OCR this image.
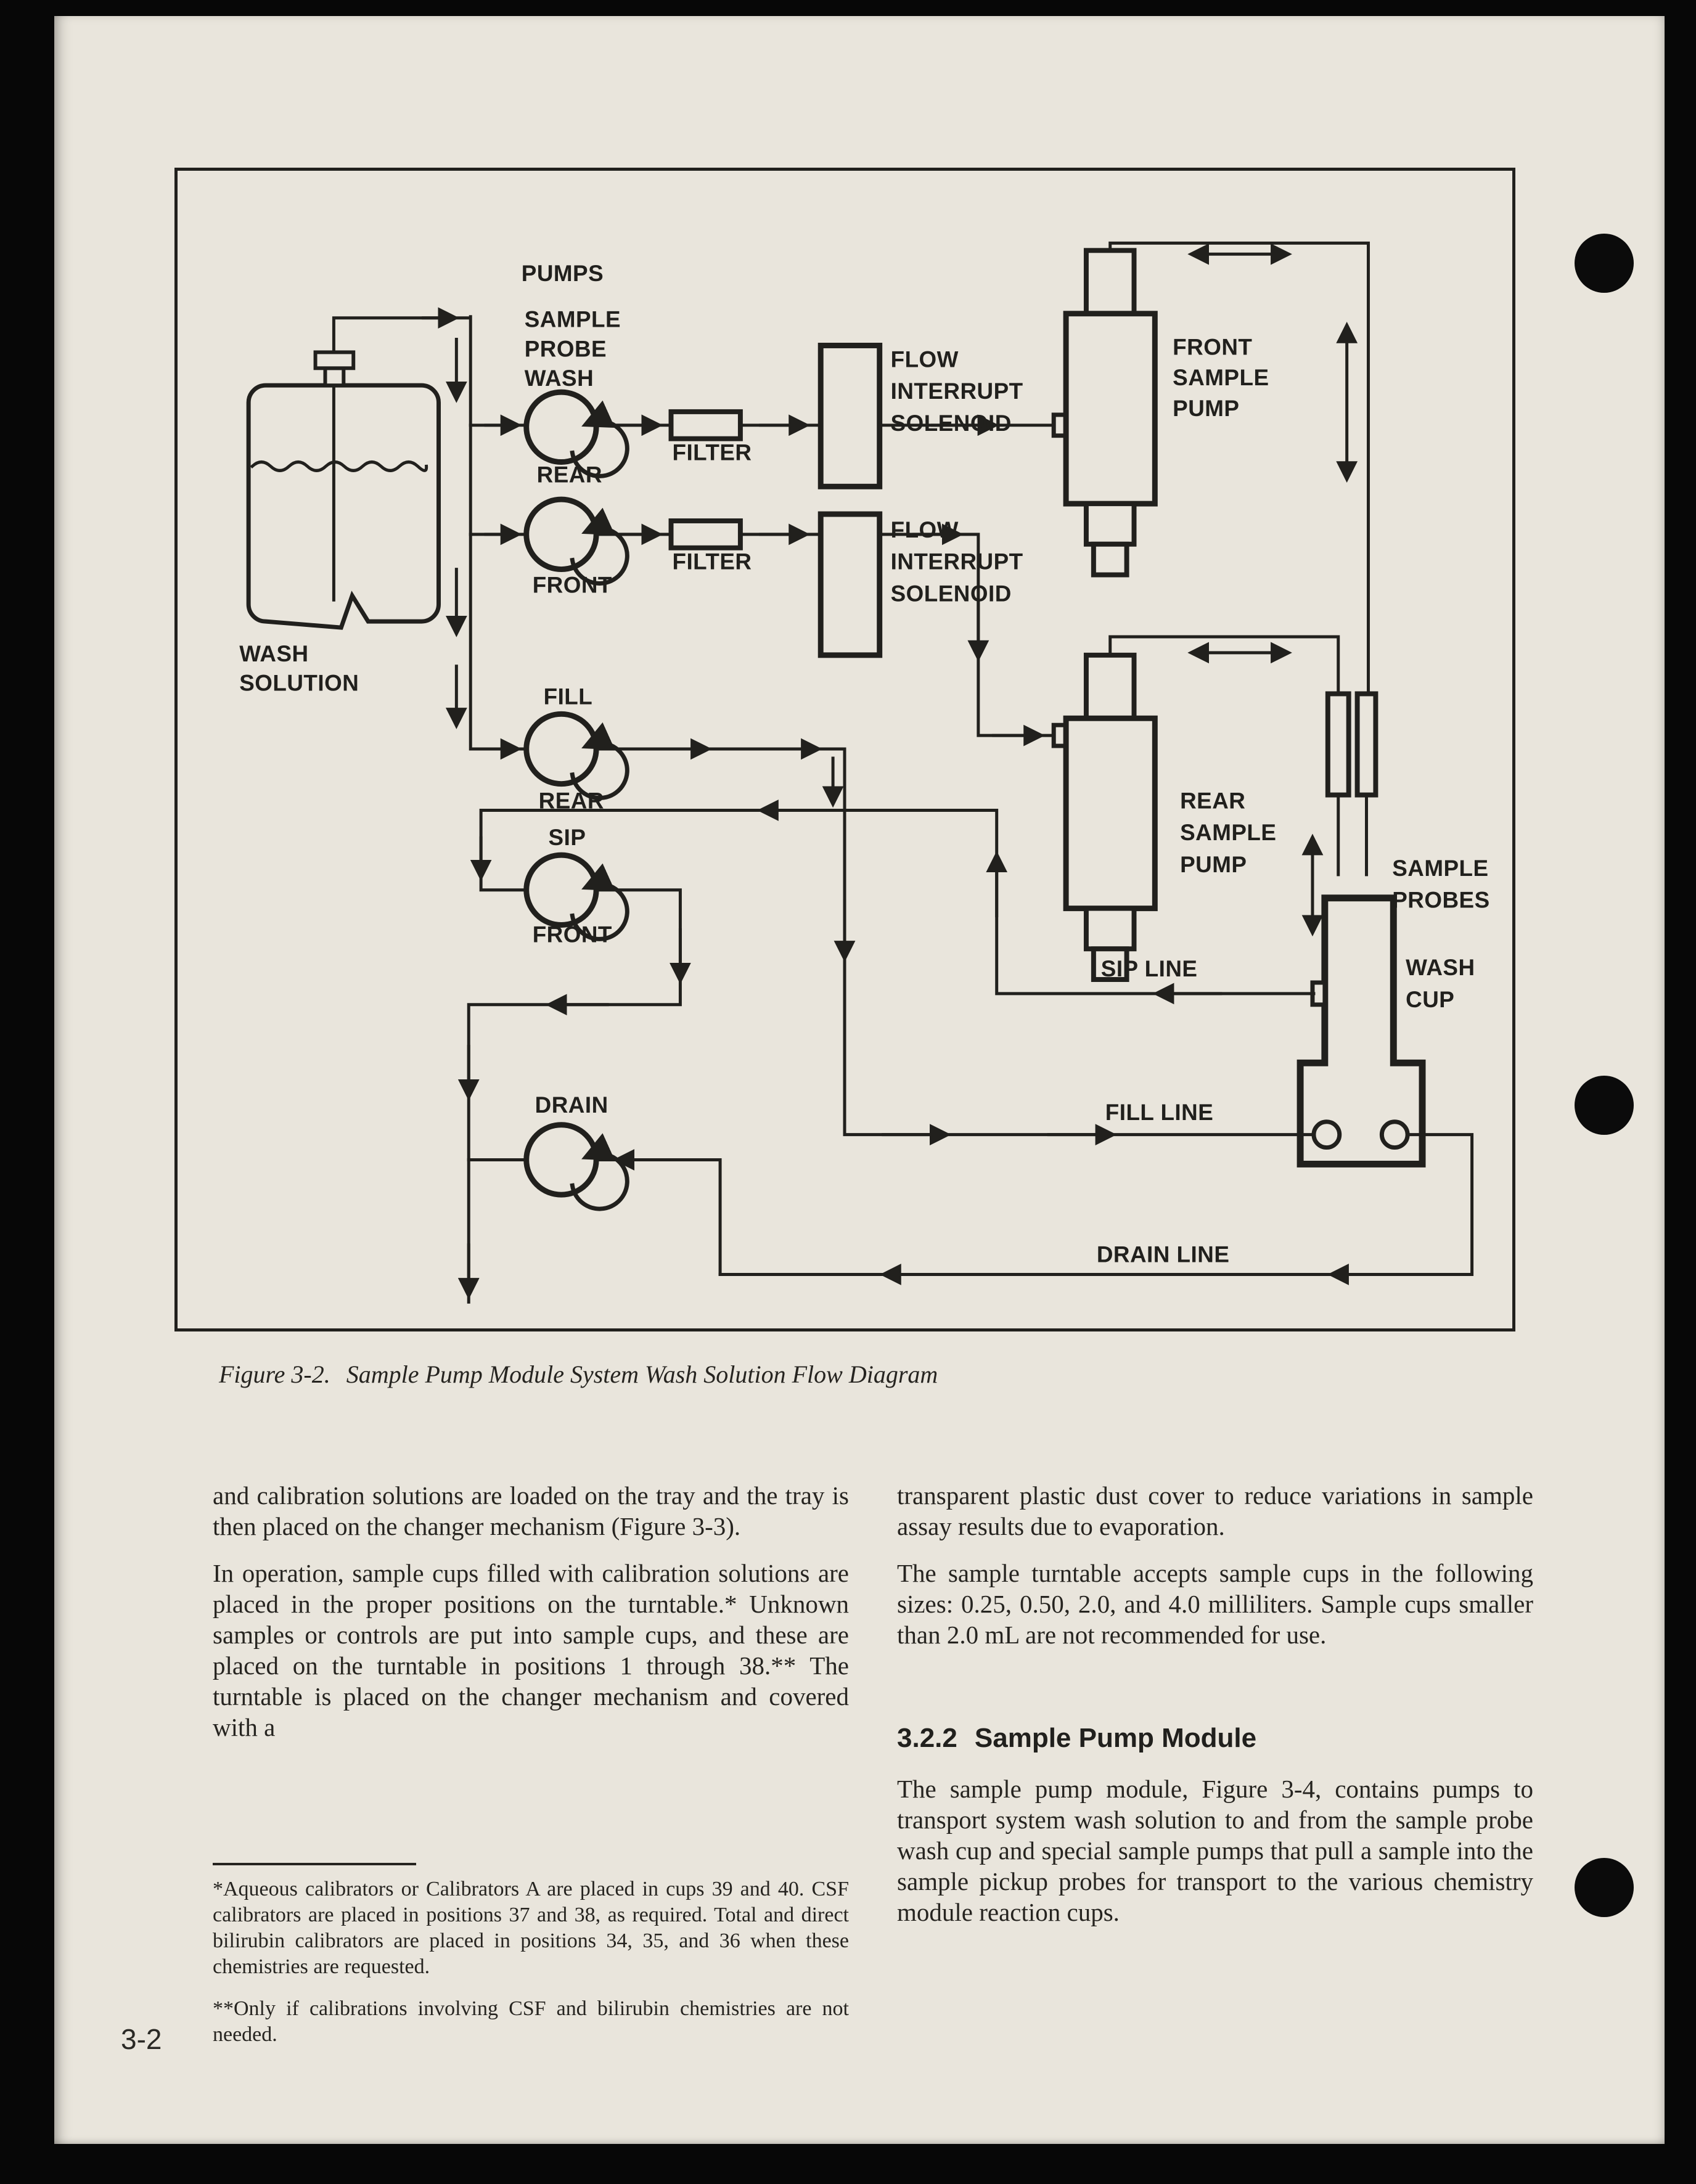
PUMPS
WASH
SOLUTION
SAMPLE
PROBE
WASH
REAR
FILTER
FRONT
FILTER
FLOW
INTERRUPT
SOLENOID
FLOW
INTERRUPT
SOLENOID
FRONT
SAMPLE
PUMP
REAR
SAMPLE
PUMP
FILL
REAR
SIP
FRONT
DRAIN
SAMPLE
PROBES
WASH
CUP
SIP LINE
FILL LINE
DRAIN LINE
Figure 3-2. Sample Pump Module System Wash Solution Flow Diagram

and calibration solutions are loaded on the tray and the tray is then placed on the changer mechanism (Figure 3-3).

In operation, sample cups filled with calibration solutions are placed in the proper positions on the turntable.* Unknown samples or controls are put into sample cups, and these are placed on the turntable in positions 1 through 38.** The turntable is placed on the changer mechanism and covered with a

*Aqueous calibrators or Calibrators A are placed in cups 39 and 40. CSF calibrators are placed in positions 37 and 38, as required. Total and direct bilirubin calibrators are placed in positions 34, 35, and 36 when these chemistries are requested.

**Only if calibrations involving CSF and bilirubin chemistries are not needed.

transparent plastic dust cover to reduce variations in sample assay results due to evaporation.

The sample turntable accepts sample cups in the following sizes: 0.25, 0.50, 2.0, and 4.0 milliliters. Sample cups smaller than 2.0 mL are not recommended for use.

3.2.2 Sample Pump Module

The sample pump module, Figure 3-4, contains pumps to transport system wash solution to and from the sample probe wash cup and special sample pumps that pull a sample into the sample pickup probes for transport to the various chemistry module reaction cups.

3-2
